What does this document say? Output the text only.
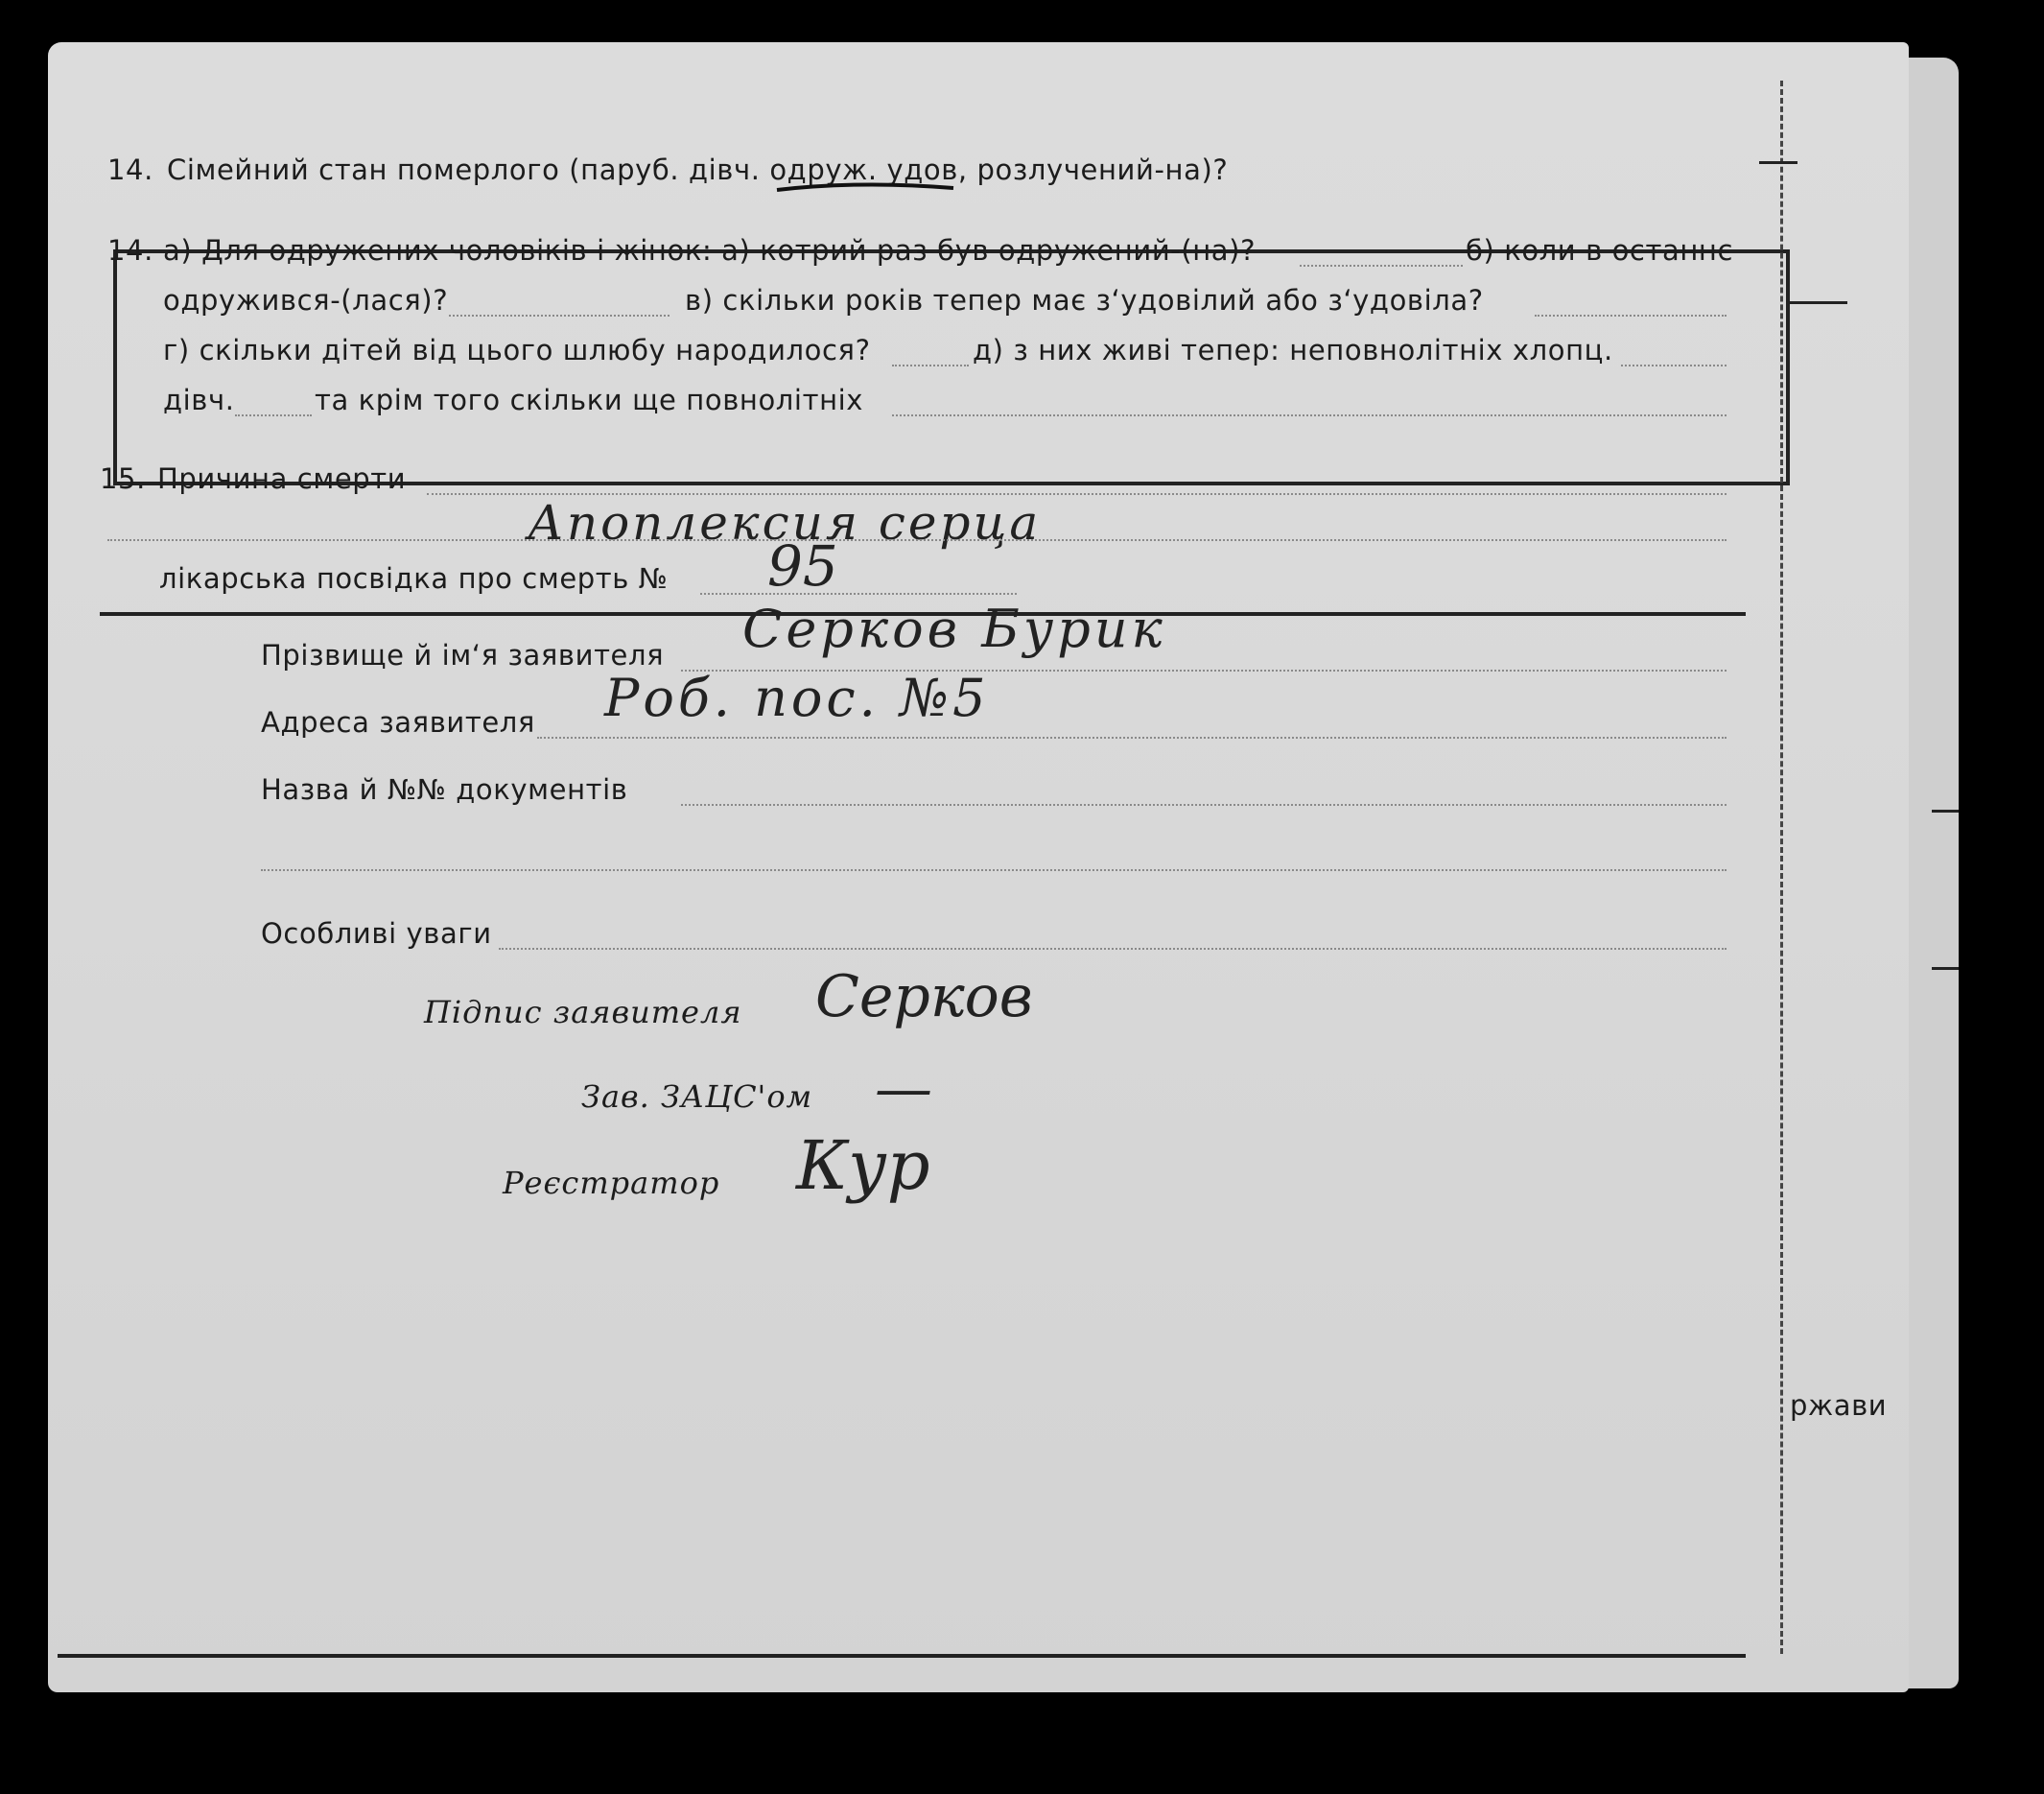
14. Сімейний стан померлого (паруб. дівч. одруж. удов, розлучений-на)?
14. а) Для одружених чоловіків і жінок: а) котрий раз був одружений-(на)?	б) коли в останнє
одружився-(лася)?	в) скільки років тепер має з‘удовілий або з‘удовіла?
г) скільки дітей від цього шлюбу народилося?	д) з них живі тепер: неповнолітніх хлопц.
дівч.	та крім того скільки ще повнолітніх
15. Причина смерти
Апоплексия серца
лікарська посвідка про смерть № 95
Прізвище й ім‘я заявителя Серков Бурик
Адреса заявителя Роб. пос. №5
Назва й №№ документів
Особливі уваги
Підпис заявителя Серков
Зав. ЗАЦС'ом —
Реєстратор Кур
ржави
